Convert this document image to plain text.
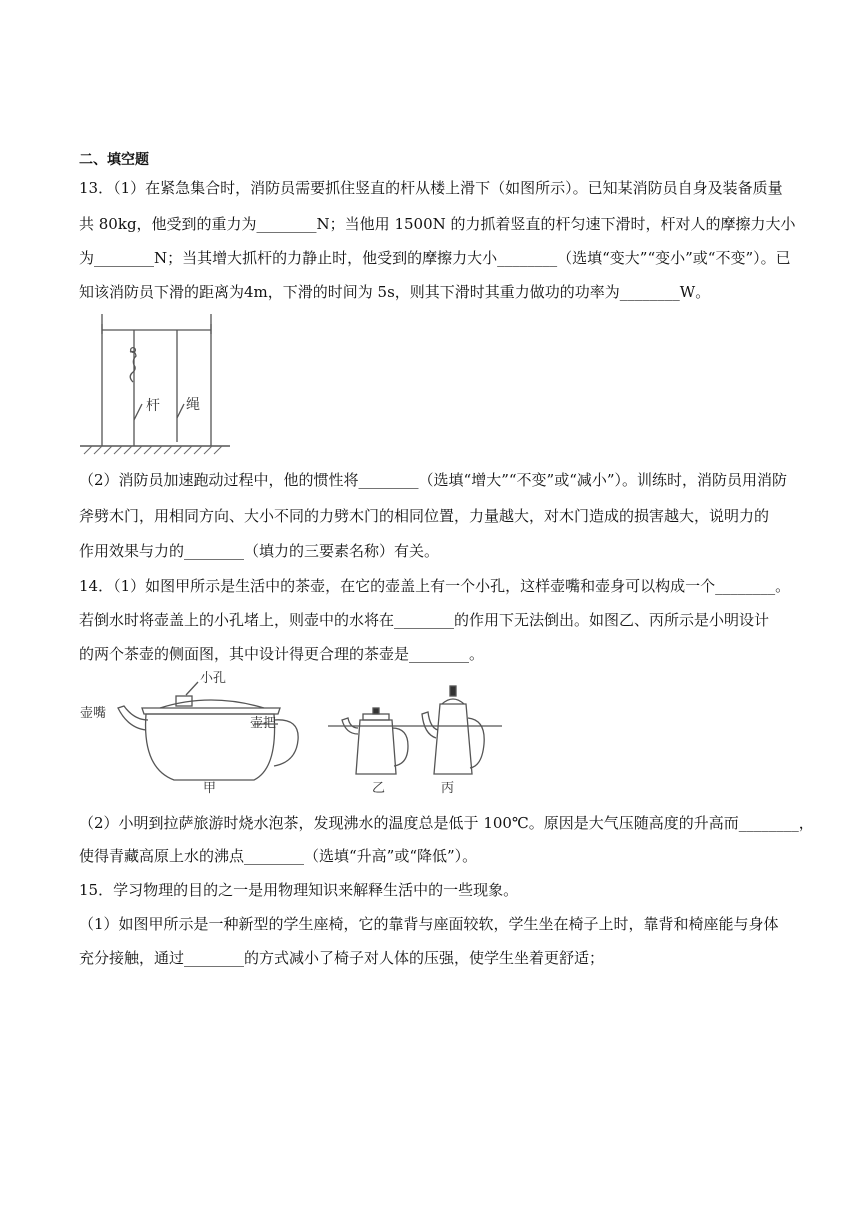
二、填空题
13．（1）在紧急集合时，消防员需要抓住竖直的杆从楼上滑下（如图所示）。已知某消防员自身及装备质量
共 80kg，他受到的重力为________N；当他用 1500N 的力抓着竖直的杆匀速下滑时，杆对人的摩擦力大小
为________N；当其增大抓杆的力静止时，他受到的摩擦力大小________（选填“变大”“变小”或“不变”）。已
知该消防员下滑的距离为4m，下滑的时间为 5s，则其下滑时其重力做功的功率为________W。
杆 绳
（2）消防员加速跑动过程中，他的惯性将________（选填“增大”“不变”或“减小”）。训练时，消防员用消防
斧劈木门，用相同方向、大小不同的力劈木门的相同位置，力量越大，对木门造成的损害越大，说明力的
作用效果与力的________（填力的三要素名称）有关。
14．（1）如图甲所示是生活中的茶壶，在它的壶盖上有一个小孔，这样壶嘴和壶身可以构成一个________。
若倒水时将壶盖上的小孔堵上，则壶中的水将在________的作用下无法倒出。如图乙、丙所示是小明设计
的两个茶壶的侧面图，其中设计得更合理的茶壶是________。
小孔
壶嘴
壶把
甲	乙	丙
（2）小明到拉萨旅游时烧水泡茶，发现沸水的温度总是低于 100℃。原因是大气压随高度的升高而________，
使得青藏高原上水的沸点________（选填“升高”或“降低”）。
15．学习物理的目的之一是用物理知识来解释生活中的一些现象。
（1）如图甲所示是一种新型的学生座椅，它的靠背与座面较软，学生坐在椅子上时，靠背和椅座能与身体
充分接触，通过________的方式减小了椅子对人体的压强，使学生坐着更舒适；
